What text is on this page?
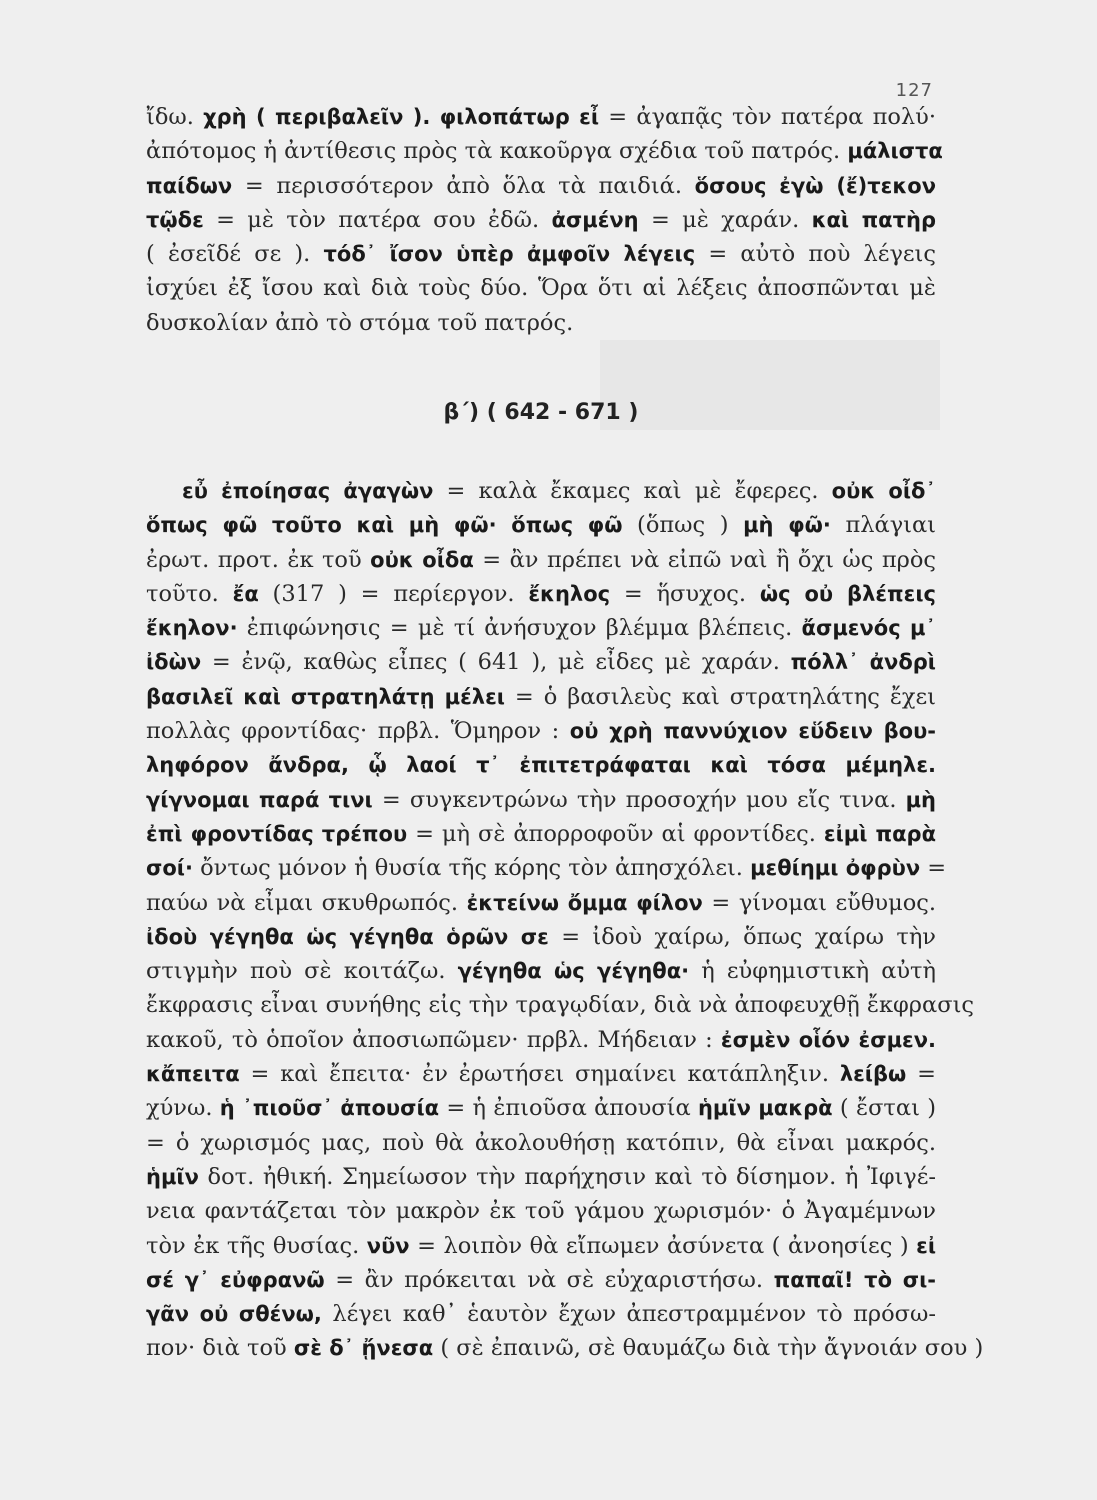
127
ἴδω. χρὴ ( περιβαλεῖν ). φιλοπάτωρ εἶ = ἀγαπᾷς τὸν πατέρα πολύ·
ἀπότομος ἡ ἀντίθεσις πρὸς τὰ κακοῦργα σχέδια τοῦ πατρός. μάλιστα
παίδων = περισσότερον ἀπὸ ὅλα τὰ παιδιά. ὅσους ἐγὼ (ἔ)τεκον
τῷδε = μὲ τὸν πατέρα σου ἐδῶ. ἀσμένη = μὲ χαράν. καὶ πατὴρ
( ἐσεῖδέ σε ). τόδ᾽ ἴσον ὑπὲρ ἀμφοῖν λέγεις = αὐτὸ ποὺ λέγεις
ἰσχύει ἐξ ἴσου καὶ διὰ τοὺς δύο. Ὅρα ὅτι αἱ λέξεις ἀποσπῶνται μὲ
δυσκολίαν ἀπὸ τὸ στόμα τοῦ πατρός.
β΄) ( 642 - 671 )
εὖ ἐποίησας ἀγαγὼν = καλὰ ἔκαμες καὶ μὲ ἔφερες. οὐκ οἶδ᾽
ὅπως φῶ τοῦτο καὶ μὴ φῶ· ὅπως φῶ (ὅπως ) μὴ φῶ· πλάγιαι
ἐρωτ. προτ. ἐκ τοῦ οὐκ οἶδα = ἂν πρέπει νὰ εἰπῶ ναὶ ἢ ὄχι ὡς πρὸς
τοῦτο. ἔα (317 ) = περίεργον. ἔκηλος = ἥσυχος. ὡς οὐ βλέπεις
ἔκηλον· ἐπιφώνησις = μὲ τί ἀνήσυχον βλέμμα βλέπεις. ἄσμενός μ᾽
ἰδὼν = ἐνῷ, καθὼς εἶπες ( 641 ), μὲ εἶδες μὲ χαράν. πόλλ᾽ ἀνδρὶ
βασιλεῖ καὶ στρατηλάτῃ μέλει = ὁ βασιλεὺς καὶ στρατηλάτης ἔχει
πολλὰς φροντίδας· πρβλ. Ὅμηρον : οὐ χρὴ παννύχιον εὕδειν βου-
ληφόρον ἄνδρα, ᾧ λαοί τ᾽ ἐπιτετράφαται καὶ τόσα μέμηλε.
γίγνομαι παρά τινι = συγκεντρώνω τὴν προσοχήν μου εἴς τινα. μὴ
ἐπὶ φροντίδας τρέπου = μὴ σὲ ἀπορροφοῦν αἱ φροντίδες. εἰμὶ παρὰ
σοί· ὄντως μόνον ἡ θυσία τῆς κόρης τὸν ἀπησχόλει. μεθίημι ὀφρὺν =
παύω νὰ εἶμαι σκυθρωπός. ἐκτείνω ὄμμα φίλον = γίνομαι εὔθυμος.
ἰδοὺ γέγηθα ὡς γέγηθα ὁρῶν σε = ἰδοὺ χαίρω, ὅπως χαίρω τὴν
στιγμὴν ποὺ σὲ κοιτάζω. γέγηθα ὡς γέγηθα· ἡ εὐφημιστικὴ αὐτὴ
ἔκφρασις εἶναι συνήθης εἰς τὴν τραγῳδίαν, διὰ νὰ ἀποφευχθῇ ἔκφρασις
κακοῦ, τὸ ὁποῖον ἀποσιωπῶμεν· πρβλ. Μήδειαν : ἐσμὲν οἷόν ἐσμεν.
κἄπειτα = καὶ ἔπειτα· ἐν ἐρωτήσει σημαίνει κατάπληξιν. λείβω =
χύνω. ἡ ᾽πιοῦσ᾽ ἀπουσία = ἡ ἐπιοῦσα ἀπουσία ἡμῖν μακρὰ ( ἔσται )
= ὁ χωρισμός μας, ποὺ θὰ ἀκολουθήσῃ κατόπιν, θὰ εἶναι μακρός.
ἡμῖν δοτ. ἠθική. Σημείωσον τὴν παρήχησιν καὶ τὸ δίσημον. ἡ Ἰφιγέ-
νεια φαντάζεται τὸν μακρὸν ἐκ τοῦ γάμου χωρισμόν· ὁ Ἀγαμέμνων
τὸν ἐκ τῆς θυσίας. νῦν = λοιπὸν θὰ εἴπωμεν ἀσύνετα ( ἀνοησίες ) εἰ
σέ γ᾽ εὐφρανῶ = ἂν πρόκειται νὰ σὲ εὐχαριστήσω. παπαῖ! τὸ σι-
γᾶν οὐ σθένω, λέγει καθ᾽ ἑαυτὸν ἔχων ἀπεστραμμένον τὸ πρόσω-
πον· διὰ τοῦ σὲ δ᾽ ᾔνεσα ( σὲ ἐπαινῶ, σὲ θαυμάζω διὰ τὴν ἄγνοιάν σου )
